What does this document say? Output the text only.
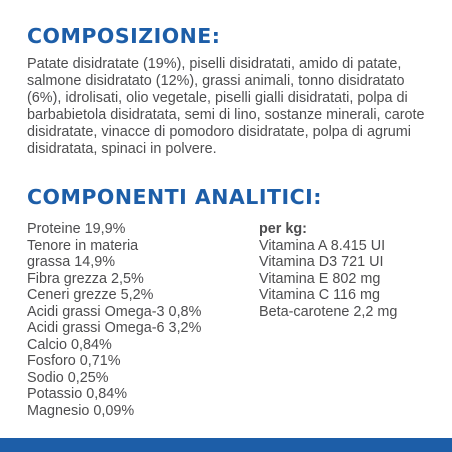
COMPOSIZIONE:

Patate disidratate (19%), piselli disidratati, amido di patate, salmone disidratato (12%), grassi animali, tonno disidratato (6%), idrolisati, olio vegetale, piselli gialli disidratati, polpa di barbabietola disidratata, semi di lino, sostanze minerali, carote disidratate, vinacce di pomodoro disidratate, polpa di agrumi disidratata, spinaci in polvere.

COMPONENTI ANALITICI:
Proteine 19,9%
Tenore in materia
grassa 14,9%
Fibra grezza 2,5%
Ceneri grezze 5,2%
Acidi grassi Omega-3 0,8%
Acidi grassi Omega-6 3,2%
Calcio 0,84%
Fosforo 0,71%
Sodio 0,25%
Potassio 0,84%
Magnesio 0,09%
per kg:
Vitamina A 8.415 UI
Vitamina D3 721 UI
Vitamina E 802 mg
Vitamina C 116 mg
Beta-carotene 2,2 mg
